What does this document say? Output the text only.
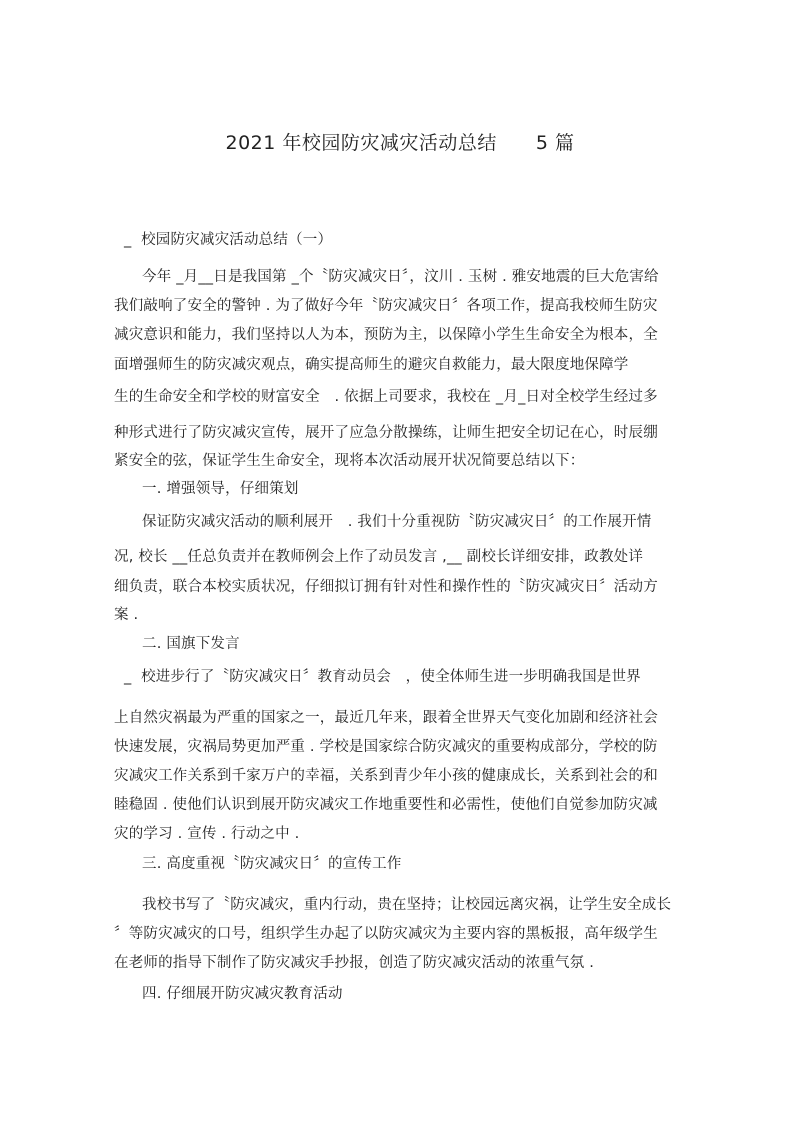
2021 年校园防灾减灾活动总结　　5 篇
_  校园防灾减灾活动总结（一）
今年 _月__日是我国第 _个〝防灾减灾日〞，汶川 . 玉树 . 雅安地震的巨大危害给
我们敲响了安全的警钟 . 为了做好今年〝防灾减灾日〞各项工作，提高我校师生防灾
减灾意识和能力，我们坚持以人为本，预防为主，以保障小学生生命安全为根本，全
面增强师生的防灾减灾观点，确实提高师生的避灾自救能力，最大限度地保障学
生的生命安全和学校的财富安全　. 依据上司要求，我校在 _月_日对全校学生经过多
种形式进行了防灾减灾宣传，展开了应急分散操练，让师生把安全切记在心，时辰绷
紧安全的弦，保证学生生命安全，现将本次活动展开状况简要总结以下：
一. 增强领导，仔细策划
保证防灾减灾活动的顺利展开　. 我们十分重视防〝防灾减灾日〞的工作展开情
况, 校长 __任总负责并在教师例会上作了动员发言 ,__ 副校长详细安排，政教处详
细负责，联合本校实质状况，仔细拟订拥有针对性和操作性的〝防灾减灾日〞活动方
案 .
二. 国旗下发言
_  校进步行了〝防灾减灾日〞教育动员会　，使全体师生进一步明确我国是世界
上自然灾祸最为严重的国家之一，最近几年来，跟着全世界天气变化加剧和经济社会
快速发展，灾祸局势更加严重 . 学校是国家综合防灾减灾的重要构成部分，学校的防
灾减灾工作关系到千家万户的幸福，关系到青少年小孩的健康成长，关系到社会的和
睦稳固 . 使他们认识到展开防灾减灾工作地重要性和必需性，使他们自觉参加防灾减
灾的学习 . 宣传 . 行动之中 .
三. 高度重视〝防灾减灾日〞的宣传工作
我校书写了〝防灾减灾，重内行动，贵在坚持；让校园远离灾祸，让学生安全成长
〞等防灾减灾的口号，组织学生办起了以防灾减灾为主要内容的黑板报，高年级学生
在老师的指导下制作了防灾减灾手抄报，创造了防灾减灾活动的浓重气氛 .
四. 仔细展开防灾减灾教育活动
